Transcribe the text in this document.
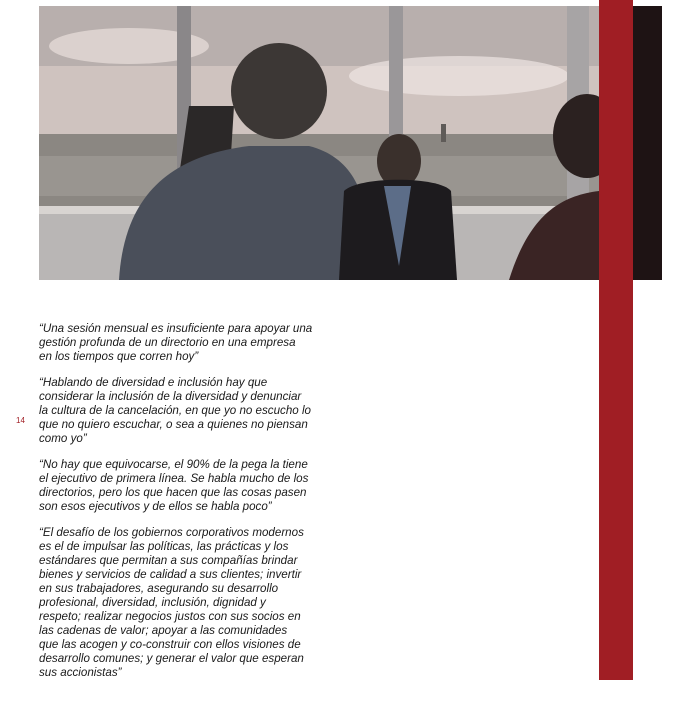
14

“Una sesión mensual es insuficiente para apoyar una
gestión profunda de un directorio en una empresa
en los tiempos que corren hoy”

“Hablando de diversidad e inclusión hay que
considerar la inclusión de la diversidad y denunciar
la cultura de la cancelación, en que yo no escucho lo
que no quiero escuchar, o sea a quienes no piensan
como yo”

“No hay que equivocarse, el 90% de la pega la tiene
el ejecutivo de primera línea. Se habla mucho de los
directorios, pero los que hacen que las cosas pasen
son esos ejecutivos y de ellos se habla poco”

“El desafío de los gobiernos corporativos modernos
es el de impulsar las políticas, las prácticas y los
estándares que permitan a sus compañías brindar
bienes y servicios de calidad a sus clientes; invertir
en sus trabajadores, asegurando su desarrollo
profesional, diversidad, inclusión, dignidad y
respeto; realizar negocios justos con sus socios en
las cadenas de valor; apoyar a las comunidades
que las acogen y co-construir con ellos visiones de
desarrollo comunes; y generar el valor que esperan
sus accionistas”
